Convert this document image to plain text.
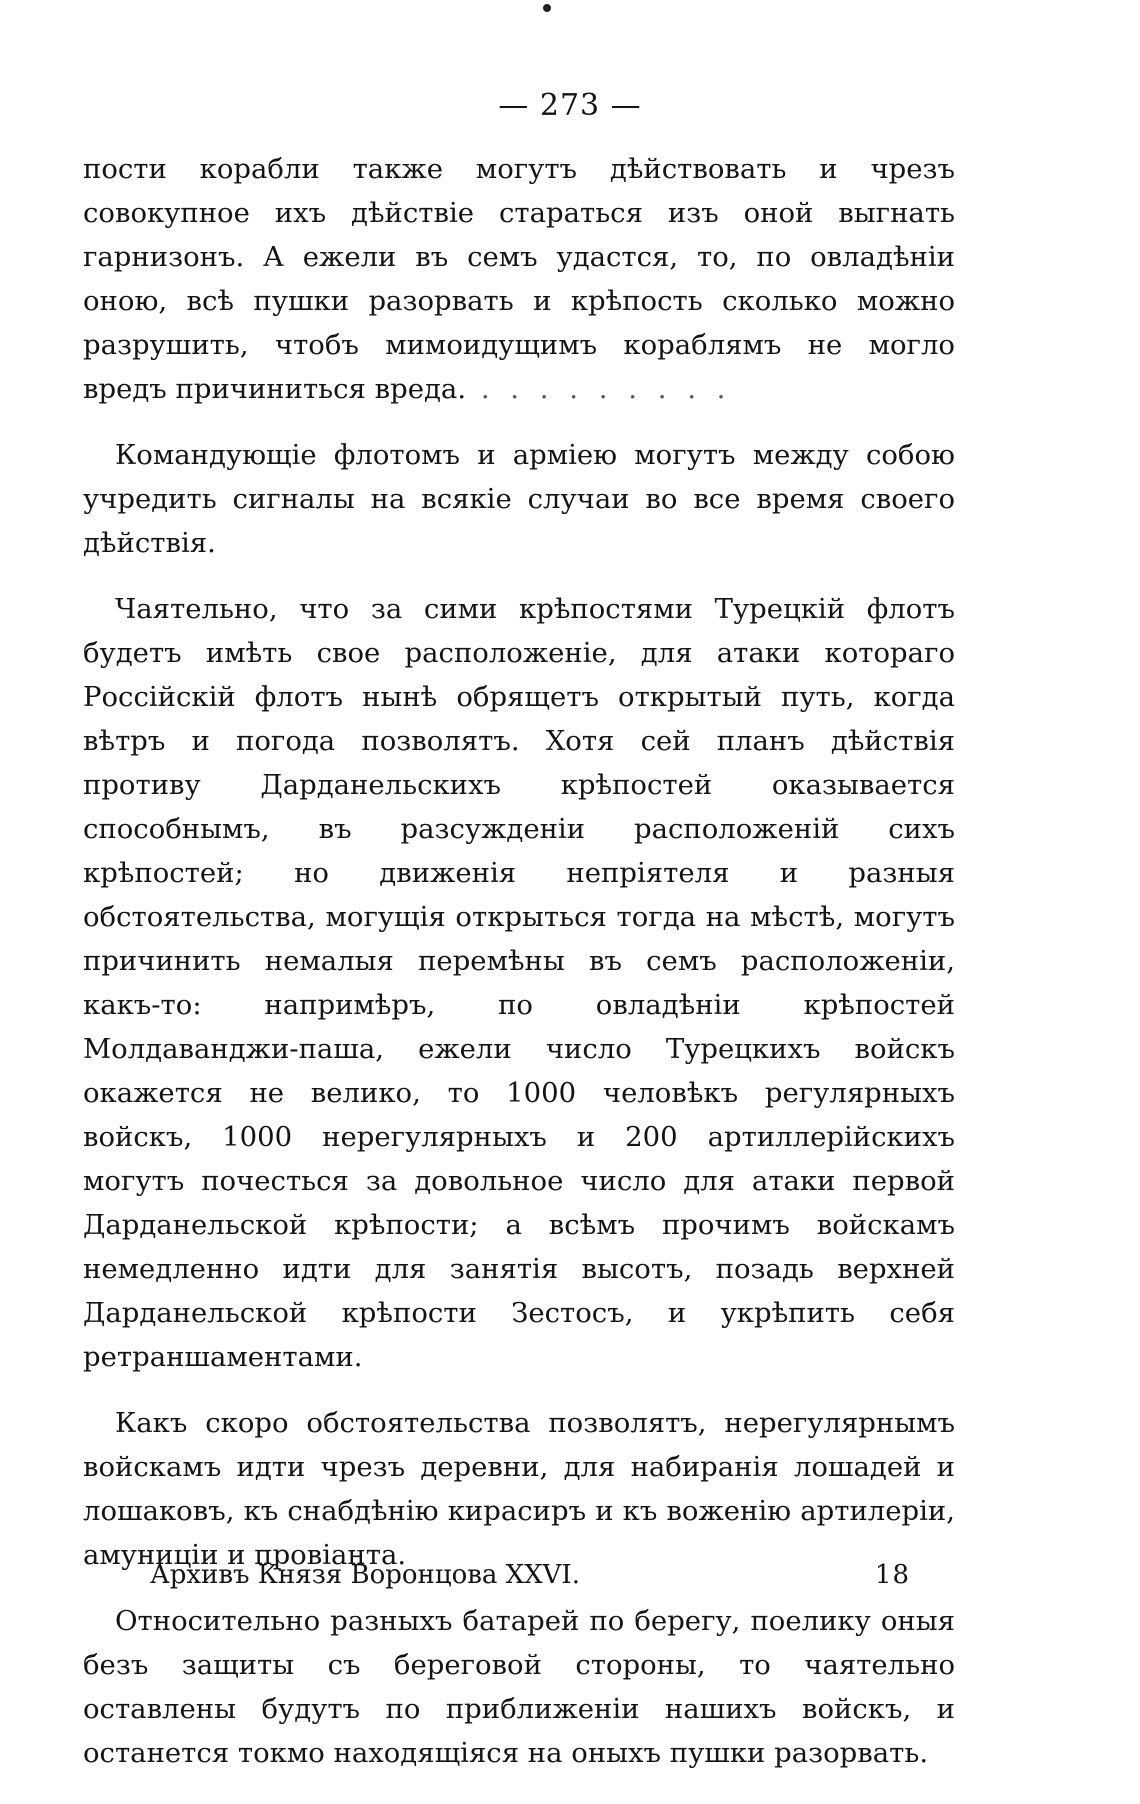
— 273 —

пости корабли также могутъ дѣйствовать и чрезъ совокупное ихъ дѣйствіе стараться изъ оной выгнать гарнизонъ. А ежели въ семъ удастся, то, по овладѣніи оною, всѣ пушки разорвать и крѣпость сколько можно разрушить, чтобъ мимоидущимъ кораблямъ не могло вредъ причиниться вреда. . . .

Командующіе флотомъ и арміею могутъ между собою учредить сигналы на всякіе случаи во все время своего дѣйствія.

Чаятельно, что за сими крѣпостями Турецкій флотъ будетъ имѣть свое расположеніе, для атаки котораго Россійскій флотъ нынѣ обрящетъ открытый путь, когда вѣтръ и погода позволятъ. Хотя сей планъ дѣйствія противу Дарданельскихъ крѣпостей оказывается способнымъ, въ разсужденіи расположеній сихъ крѣпостей; но движенія непріятеля и разныя обстоятельства, могущія открыться тогда на мѣстѣ, могутъ причинить немалыя перемѣны въ семъ расположеніи, какъ-то: напримѣръ, по овладѣніи крѣпостей Молдаванджи-паша, ежели число Турецкихъ войскъ окажется не велико, то 1000 человѣкъ регулярныхъ войскъ, 1000 нерегулярныхъ и 200 артиллерійскихъ могутъ почесться за довольное число для атаки первой Дарданельской крѣпости; а всѣмъ прочимъ войскамъ немедленно идти для занятія высотъ, позадь верхней Дарданельской крѣпости Зестосъ, и укрѣпить себя ретраншаментами.

Какъ скоро обстоятельства позволятъ, нерегулярнымъ войскамъ идти чрезъ деревни, для набиранія лошадей и лошаковъ, къ снабдѣнію кирасиръ и къ воженію артилеріи, амуниціи и провіанта.

Относительно разныхъ батарей по берегу, поелику оныя безъ защиты съ береговой стороны, то чаятельно оставлены будутъ по приближеніи нашихъ войскъ, и останется токмо находящіяся на оныхъ пушки разорвать.

Архивъ Князя Воронцова XXVI.	18
